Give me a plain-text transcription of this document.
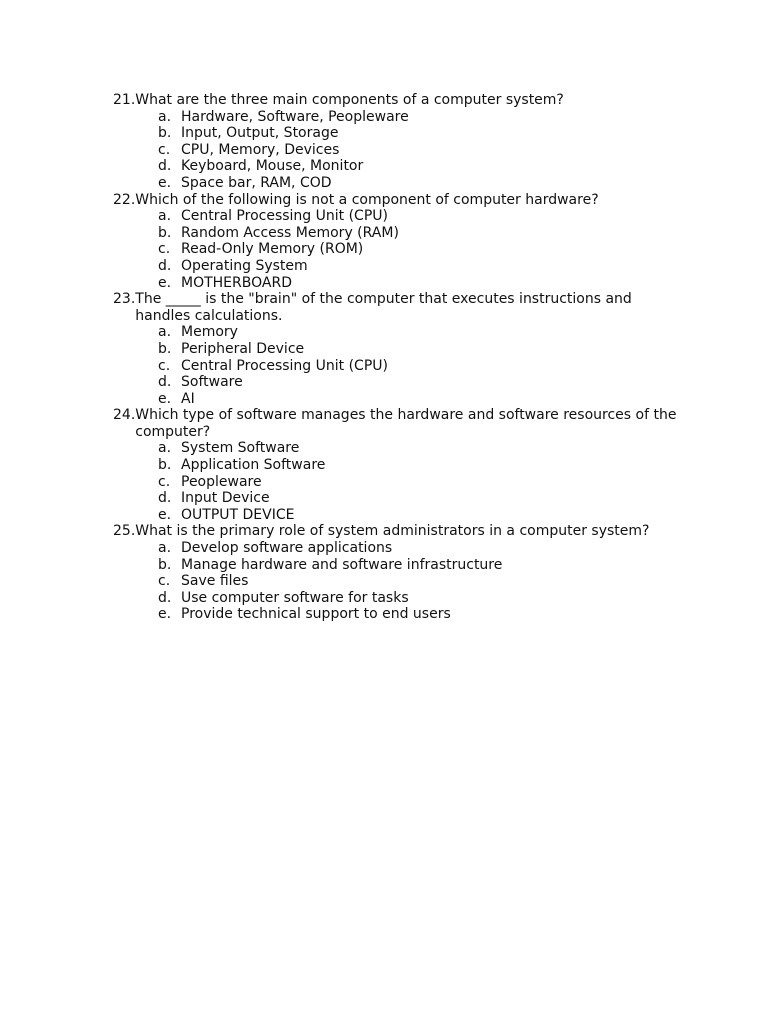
21. What are the three main components of a computer system?
a. Hardware, Software, Peopleware
b. Input, Output, Storage
c. CPU, Memory, Devices
d. Keyboard, Mouse, Monitor
e. Space bar, RAM, COD
22. Which of the following is not a component of computer hardware?
a. Central Processing Unit (CPU)
b. Random Access Memory (RAM)
c. Read-Only Memory (ROM)
d. Operating System
e. MOTHERBOARD
23. The _____ is the "brain" of the computer that executes instructions and handles calculations.
a. Memory
b. Peripheral Device
c. Central Processing Unit (CPU)
d. Software
e. AI
24. Which type of software manages the hardware and software resources of the computer?
a. System Software
b. Application Software
c. Peopleware
d. Input Device
e. OUTPUT DEVICE
25. What is the primary role of system administrators in a computer system?
a. Develop software applications
b. Manage hardware and software infrastructure
c. Save files
d. Use computer software for tasks
e. Provide technical support to end users
